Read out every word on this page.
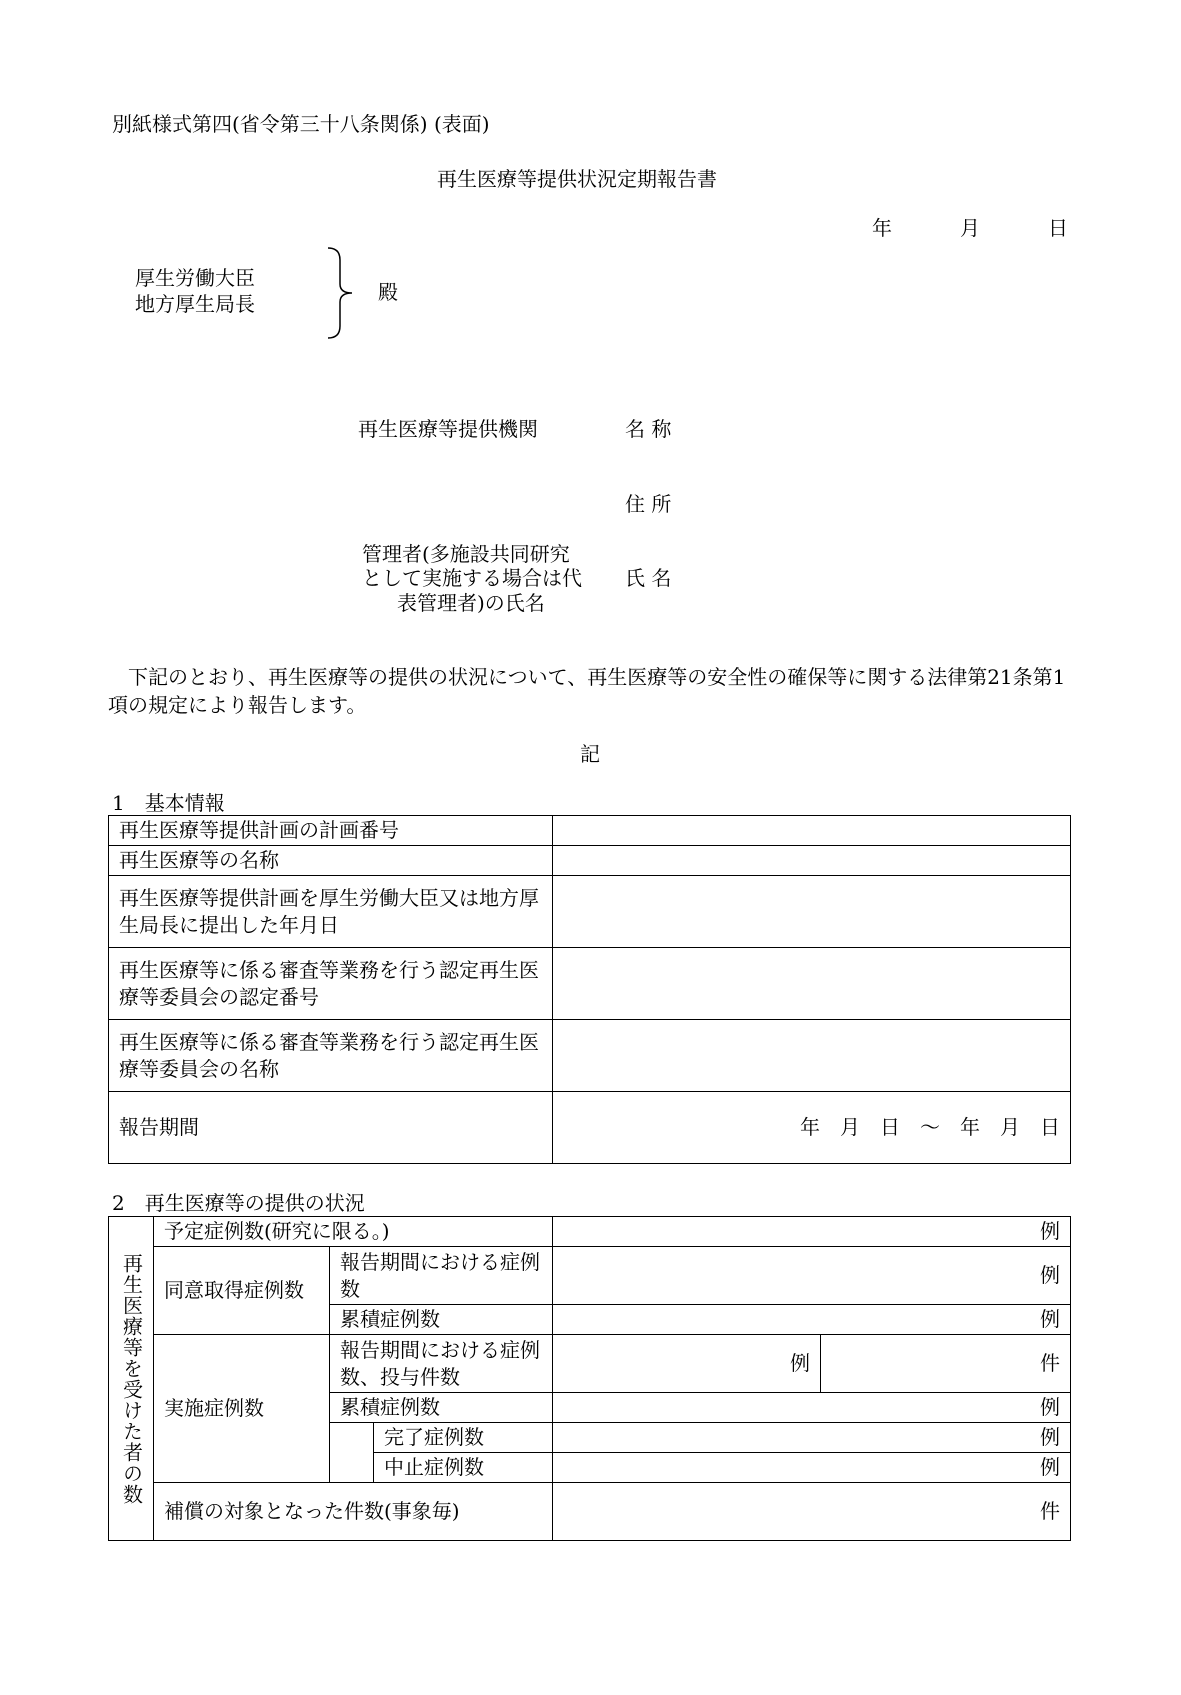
別紙様式第四(省令第三十八条関係) (表面)
再生医療等提供状況定期報告書
年	月	日
厚生労働大臣
地方厚生局長	殿
再生医療等提供機関	名 称
住 所
管理者(多施設共同研究
として実施する場合は代
表管理者)の氏名
氏 名
下記のとおり、再生医療等の提供の状況について、再生医療等の安全性の確保等に関する法律第21条第1項の規定により報告します。
記
1　基本情報
再生医療等提供計画の計画番号	
再生医療等の名称	
再生医療等提供計画を厚生労働大臣又は地方厚生局長に提出した年月日	
再生医療等に係る審査等業務を行う認定再生医療等委員会の認定番号	
再生医療等に係る審査等業務を行う認定再生医療等委員会の名称	
報告期間	年　月　日　～　年　月　日
2　再生医療等の提供の状況
再生医療等を受けた者の数	予定症例数(研究に限る。)			例	
	同意取得症例数	報告期間における症例数		例	
		累積症例数		例	
	実施症例数	報告期間における症例数、投与件数		例	件
		累積症例数		例	
			完了症例数	例	
			中止症例数	例	
	補償の対象となった件数(事象毎)			件	
